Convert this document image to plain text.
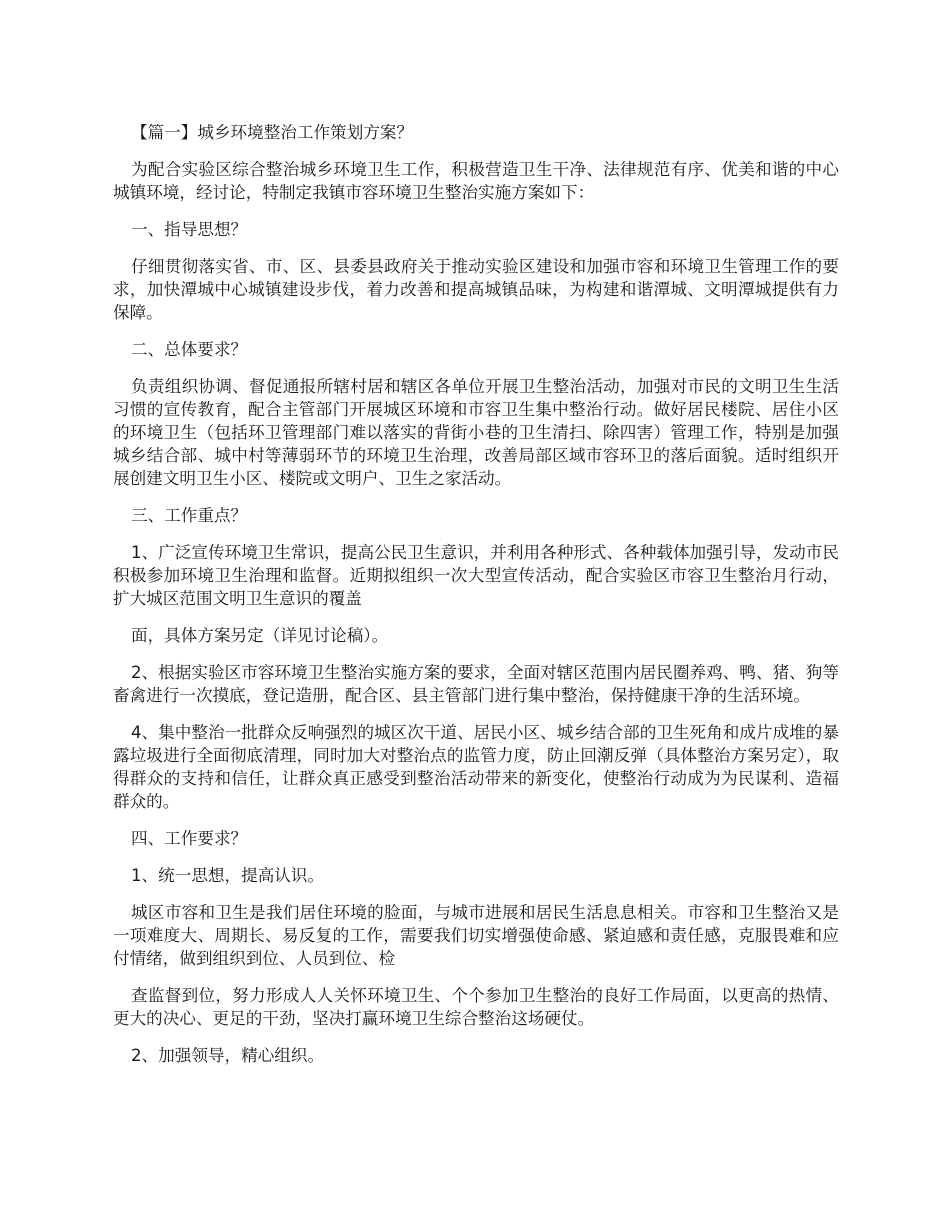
【篇一】城乡环境整治工作策划方案？

为配合实验区综合整治城乡环境卫生工作，积极营造卫生干净、法律规范有序、优美和谐的中心城镇环境，经讨论，特制定我镇市容环境卫生整治实施方案如下：

一、指导思想？

仔细贯彻落实省、市、区、县委县政府关于推动实验区建设和加强市容和环境卫生管理工作的要求，加快潭城中心城镇建设步伐，着力改善和提高城镇品味，为构建和谐潭城、文明潭城提供有力保障。

二、总体要求？

负责组织协调、督促通报所辖村居和辖区各单位开展卫生整治活动，加强对市民的文明卫生生活习惯的宣传教育，配合主管部门开展城区环境和市容卫生集中整治行动。做好居民楼院、居住小区的环境卫生（包括环卫管理部门难以落实的背街小巷的卫生清扫、除四害）管理工作，特别是加强城乡结合部、城中村等薄弱环节的环境卫生治理，改善局部区域市容环卫的落后面貌。适时组织开展创建文明卫生小区、楼院或文明户、卫生之家活动。

三、工作重点？

1、广泛宣传环境卫生常识，提高公民卫生意识，并利用各种形式、各种载体加强引导，发动市民积极参加环境卫生治理和监督。近期拟组织一次大型宣传活动，配合实验区市容卫生整治月行动，扩大城区范围文明卫生意识的覆盖

面，具体方案另定（详见讨论稿）。

2、根据实验区市容环境卫生整治实施方案的要求，全面对辖区范围内居民圈养鸡、鸭、猪、狗等畜禽进行一次摸底，登记造册，配合区、县主管部门进行集中整治，保持健康干净的生活环境。

4、集中整治一批群众反响强烈的城区次干道、居民小区、城乡结合部的卫生死角和成片成堆的暴露垃圾进行全面彻底清理，同时加大对整治点的监管力度，防止回潮反弹（具体整治方案另定），取得群众的支持和信任，让群众真正感受到整治活动带来的新变化，使整治行动成为为民谋利、造福群众的。

四、工作要求？

1、统一思想，提高认识。

城区市容和卫生是我们居住环境的脸面，与城市进展和居民生活息息相关。市容和卫生整治又是一项难度大、周期长、易反复的工作，需要我们切实增强使命感、紧迫感和责任感，克服畏难和应付情绪，做到组织到位、人员到位、检

查监督到位，努力形成人人关怀环境卫生、个个参加卫生整治的良好工作局面，以更高的热情、更大的决心、更足的干劲，坚决打赢环境卫生综合整治这场硬仗。

2、加强领导，精心组织。
